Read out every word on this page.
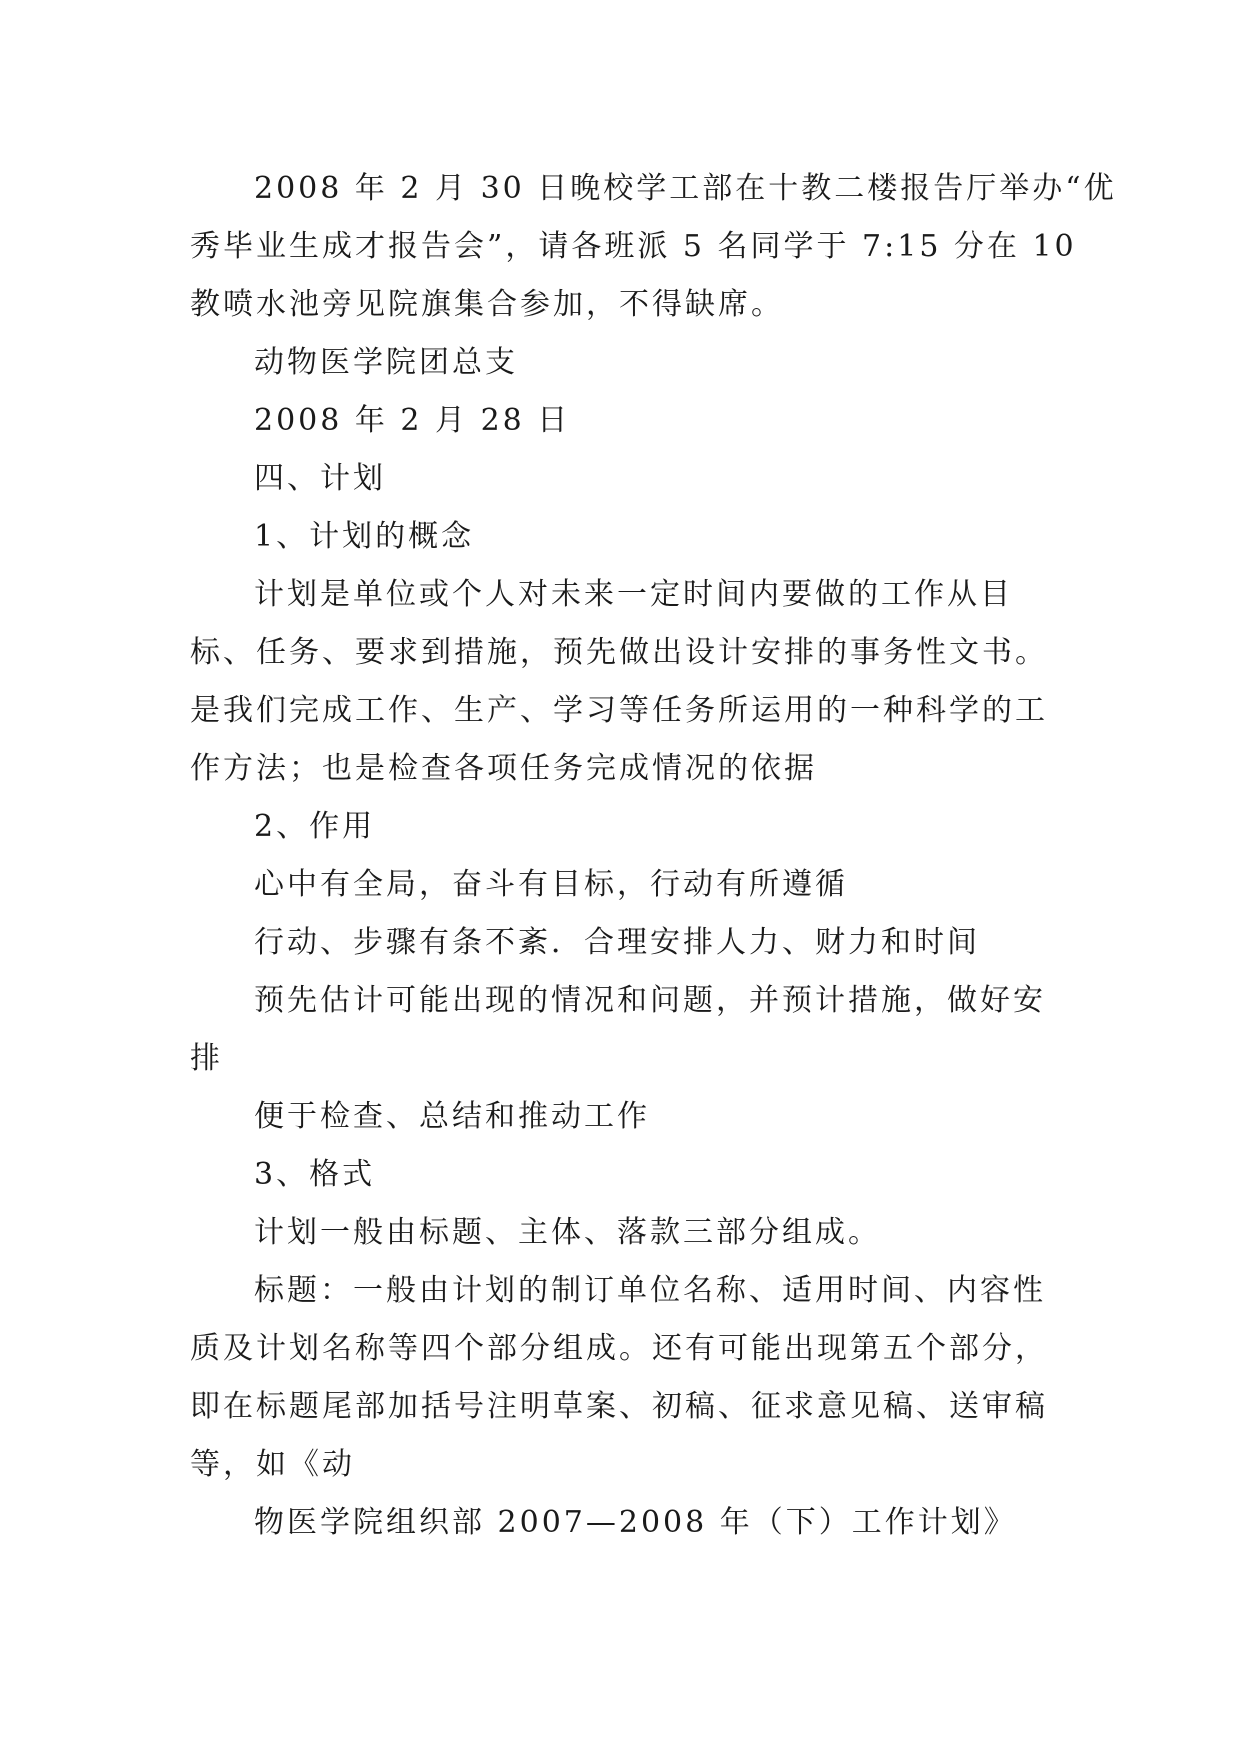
2008 年 2 月 30 日晚校学工部在十教二楼报告厅举办“优
秀毕业生成才报告会”，请各班派 5 名同学于 7:15 分在 10
教喷水池旁见院旗集合参加，不得缺席。

动物医学院团总支

2008 年 2 月 28 日

四、计划

1、计划的概念

计划是单位或个人对未来一定时间内要做的工作从目
标、任务、要求到措施，预先做出设计安排的事务性文书。
是我们完成工作、生产、学习等任务所运用的一种科学的工
作方法；也是检查各项任务完成情况的依据

2、作用

心中有全局，奋斗有目标，行动有所遵循

行动、步骤有条不紊．合理安排人力、财力和时间

预先估计可能出现的情况和问题，并预计措施，做好安
排

便于检查、总结和推动工作

3、格式

计划一般由标题、主体、落款三部分组成。

标题：一般由计划的制订单位名称、适用时间、内容性
质及计划名称等四个部分组成。还有可能出现第五个部分，
即在标题尾部加括号注明草案、初稿、征求意见稿、送审稿
等，如《动

物医学院组织部 2007—2008 年（下）工作计划》
